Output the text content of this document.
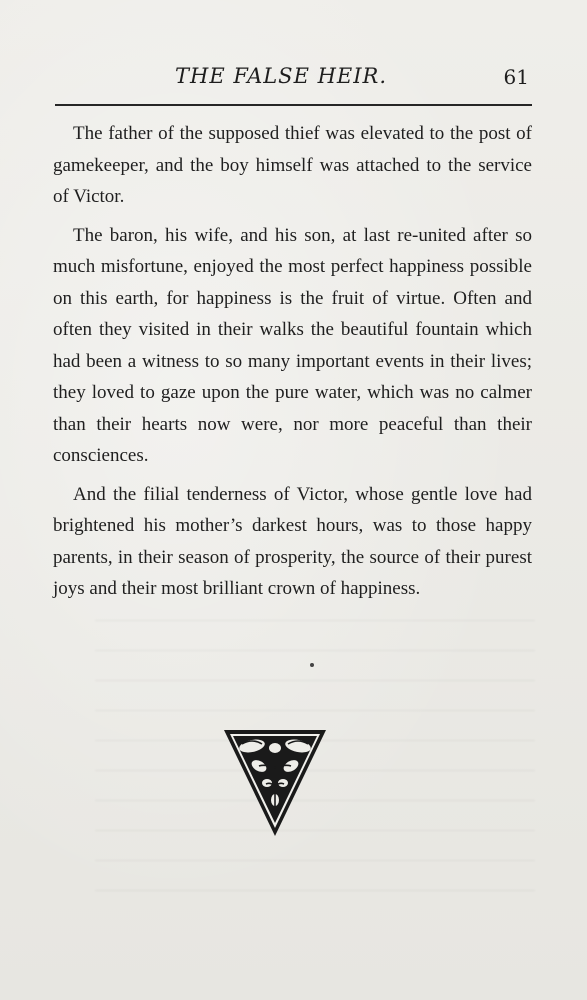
THE FALSE HEIR.	61

The father of the supposed thief was elevated to the post of gamekeeper, and the boy himself was attached to the service of Victor.

The baron, his wife, and his son, at last re-united after so much misfortune, enjoyed the most perfect happiness possible on this earth, for happiness is the fruit of virtue. Often and often they visited in their walks the beautiful fountain which had been a witness to so many important events in their lives; they loved to gaze upon the pure water, which was no calmer than their hearts now were, nor more peaceful than their consciences.

And the filial tenderness of Victor, whose gentle love had brightened his mother’s darkest hours, was to those happy parents, in their season of prosperity, the source of their purest joys and their most brilliant crown of happiness.
